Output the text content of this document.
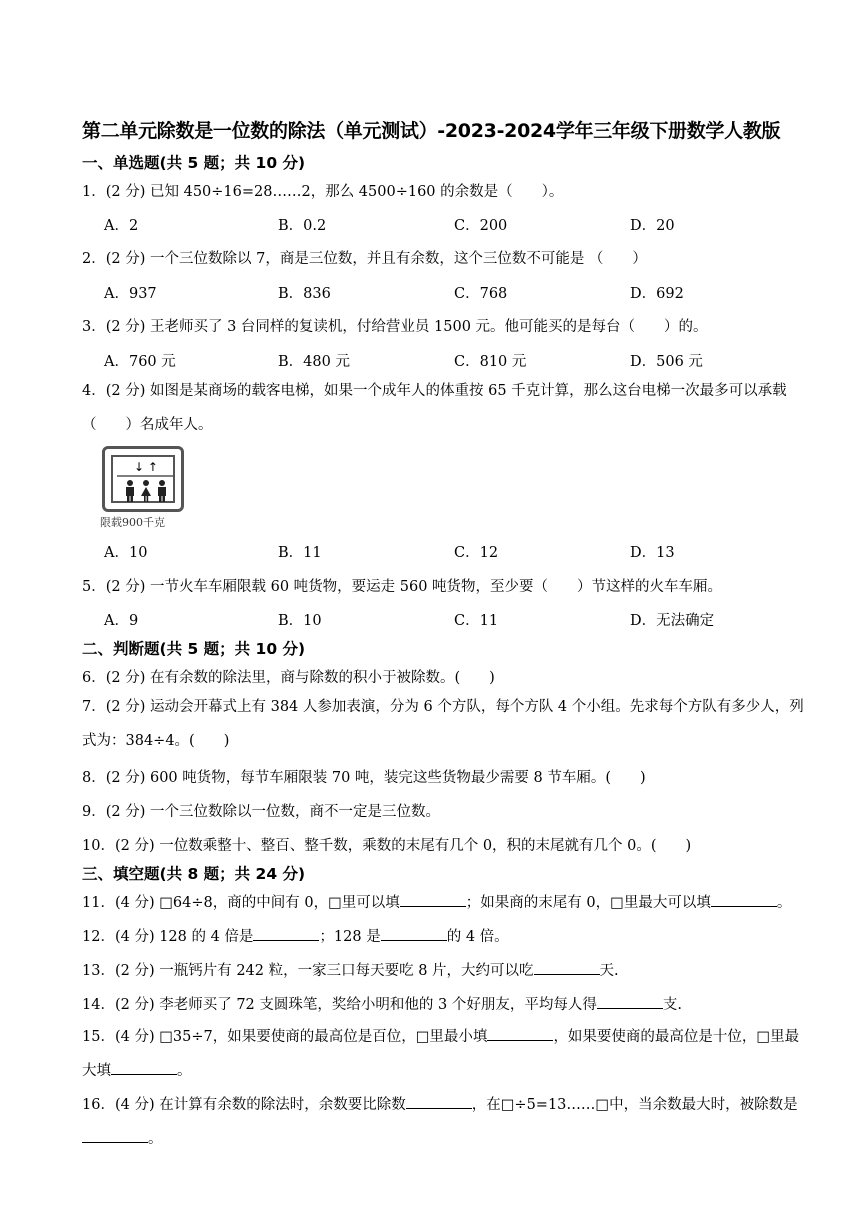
第二单元除数是一位数的除法（单元测试）-2023-2024学年三年级下册数学人教版
一、单选题(共 5 题；共 10 分)
1．(2 分) 已知 450÷16=28……2，那么 4500÷160 的余数是（　　）。
A．2	B．0.2	C．200	D．20
2．(2 分) 一个三位数除以 7，商是三位数，并且有余数，这个三位数不可能是 （　　）
A．937	B．836	C．768	D．692
3．(2 分) 王老师买了 3 台同样的复读机，付给营业员 1500 元。他可能买的是每台（　　）的。
A．760 元	B．480 元	C．810 元	D．506 元
4．(2 分) 如图是某商场的载客电梯，如果一个成年人的体重按 65 千克计算，那么这台电梯一次最多可以承载（　　）名成年人。
↓ ↑
限载900千克
A．10	B．11	C．12	D．13
5．(2 分) 一节火车车厢限载 60 吨货物，要运走 560 吨货物，至少要（　　）节这样的火车车厢。
A．9	B．10	C．11	D．无法确定
二、判断题(共 5 题；共 10 分)
6．(2 分) 在有余数的除法里，商与除数的积小于被除数。(　　)
7．(2 分) 运动会开幕式上有 384 人参加表演，分为 6 个方队，每个方队 4 个小组。先求每个方队有多少人，列式为：384÷4。(　　)
8．(2 分) 600 吨货物，每节车厢限装 70 吨，装完这些货物最少需要 8 节车厢。(　　)
9．(2 分) 一个三位数除以一位数，商不一定是三位数。
10．(2 分) 一位数乘整十、整百、整千数，乘数的末尾有几个 0，积的末尾就有几个 0。(　　)
三、填空题(共 8 题；共 24 分)
11．(4 分) □64÷8，商的中间有 0，□里可以填	；如果商的末尾有 0，□里最大可以填	。
12．(4 分) 128 的 4 倍是	；128 是	的 4 倍。
13．(2 分) 一瓶钙片有 242 粒，一家三口每天要吃 8 片，大约可以吃	天.
14．(2 分) 李老师买了 72 支圆珠笔，奖给小明和他的 3 个好朋友，平均每人得	支.
15．(4 分) □35÷7，如果要使商的最高位是百位，□里最小填	，如果要使商的最高位是十位，□里最大填	。
16．(4 分) 在计算有余数的除法时，余数要比除数	，在□÷5=13……□中，当余数最大时，被除数是。
